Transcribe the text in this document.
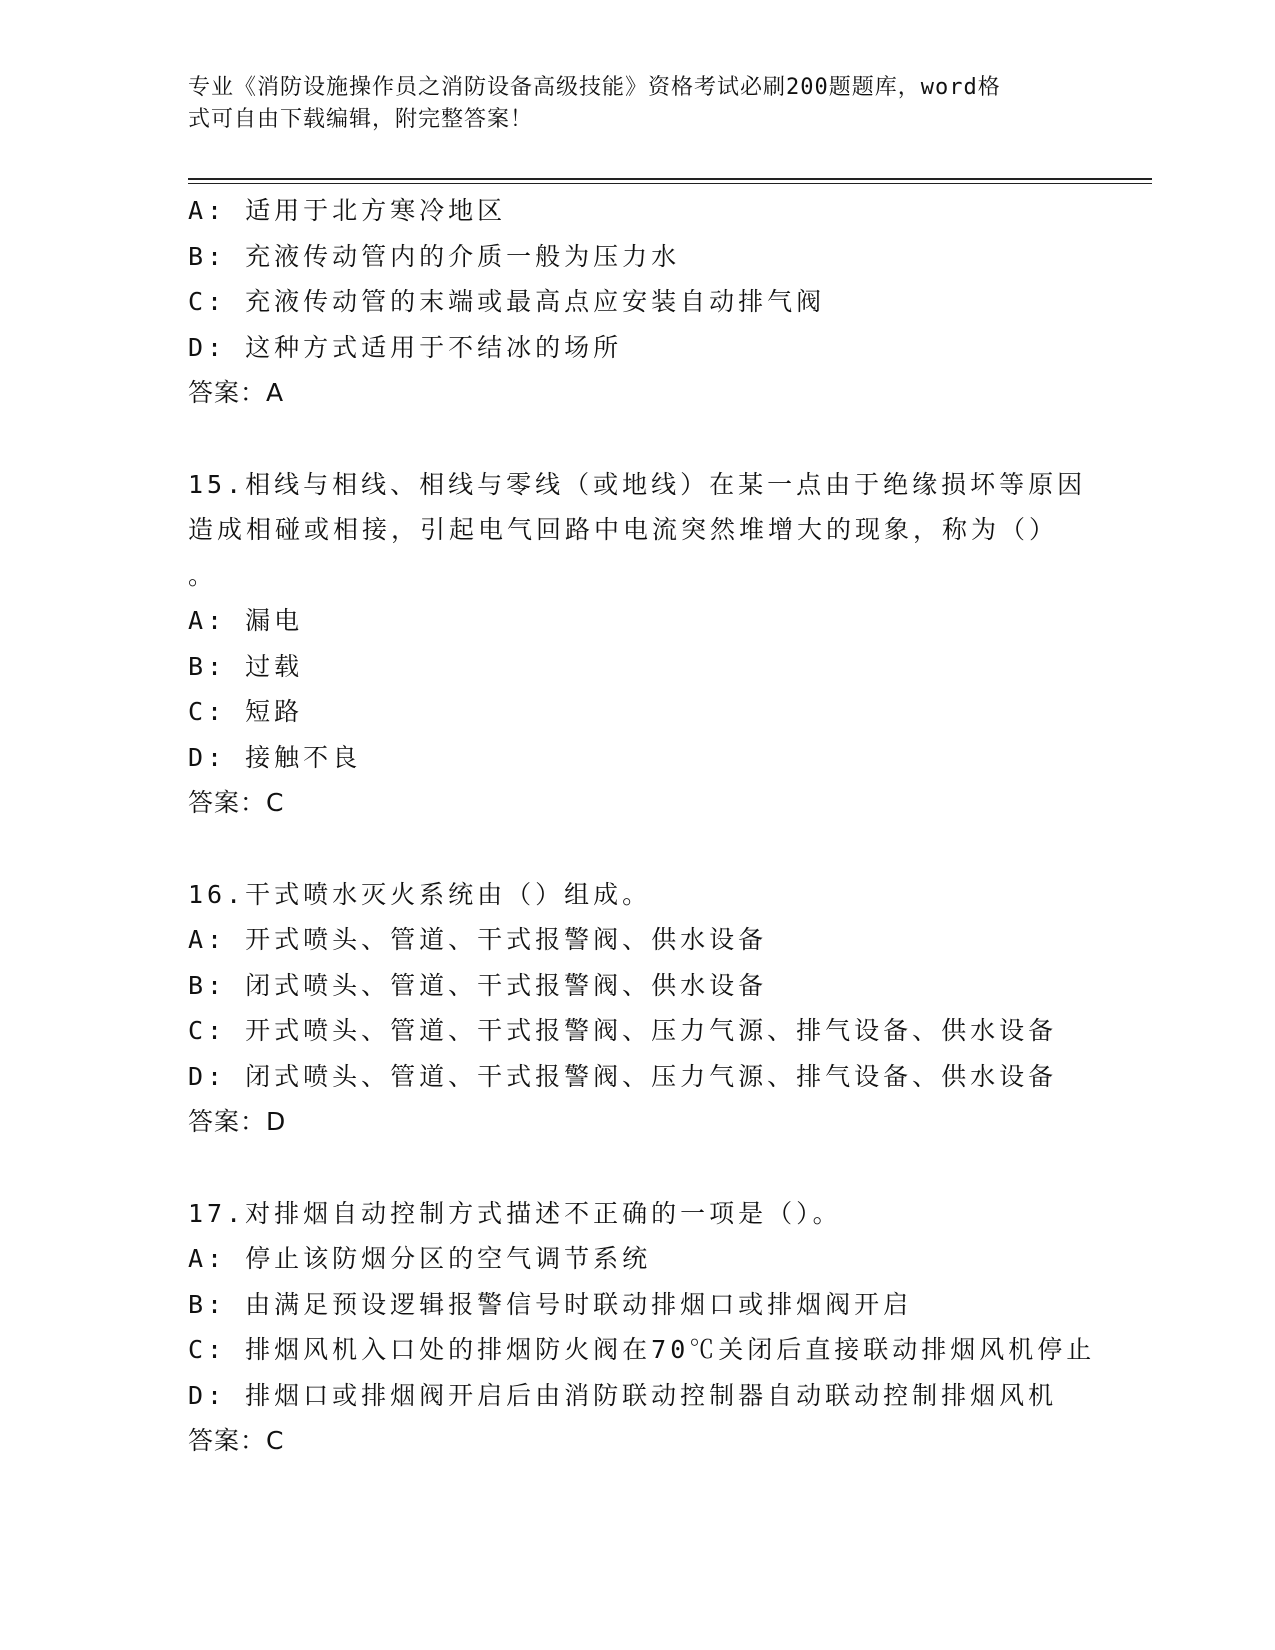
专业《消防设施操作员之消防设备高级技能》资格考试必刷200题题库，word格
式可自由下载编辑，附完整答案！
A: 适用于北方寒冷地区
B: 充液传动管内的介质一般为压力水
C: 充液传动管的末端或最高点应安装自动排气阀
D: 这种方式适用于不结冰的场所
答案：A
15.相线与相线、相线与零线（或地线）在某一点由于绝缘损坏等原因
造成相碰或相接，引起电气回路中电流突然堆增大的现象，称为（）
。
A: 漏电
B: 过载
C: 短路
D: 接触不良
答案：C
16.干式喷水灭火系统由（）组成。
A: 开式喷头、管道、干式报警阀、供水设备
B: 闭式喷头、管道、干式报警阀、供水设备
C: 开式喷头、管道、干式报警阀、压力气源、排气设备、供水设备
D: 闭式喷头、管道、干式报警阀、压力气源、排气设备、供水设备
答案：D
17.对排烟自动控制方式描述不正确的一项是（）。
A: 停止该防烟分区的空气调节系统
B: 由满足预设逻辑报警信号时联动排烟口或排烟阀开启
C: 排烟风机入口处的排烟防火阀在70℃关闭后直接联动排烟风机停止
D: 排烟口或排烟阀开启后由消防联动控制器自动联动控制排烟风机
答案：C
